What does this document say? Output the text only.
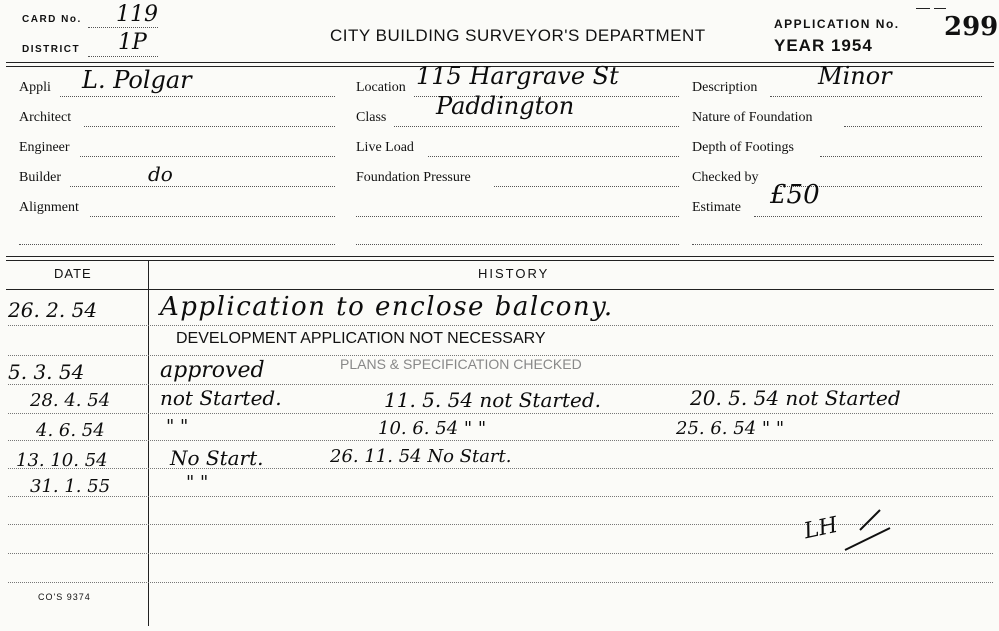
CARD No. 119
DISTRICT 1P	CITY BUILDING SURVEYOR'S DEPARTMENT
APPLICATION No. 299
YEAR 1954
Appli L. Polgar
Architect
Engineer
Builder	do
Alignment
Location 115 Hargrave St
Class Paddington
Live Load
Foundation Pressure
Description	Minor
Nature of Foundation
Depth of Footings
Checked by
Estimate £50
DATE	HISTORY
26. 2. 54 Application to enclose balcony.
DEVELOPMENT APPLICATION NOT NECESSARY
5. 3. 54	approved	PLANS & SPECIFICATION CHECKED
28. 4. 54 not Started.	11. 5. 54 not Started.	20. 5. 54 not Started
4. 6. 54	" "	10. 6. 54 " "	25. 6. 54 " "
13. 10. 54	No Start.	26. 11. 54 No Start.
31. 1. 55	" "
LH
CO'S 9374
